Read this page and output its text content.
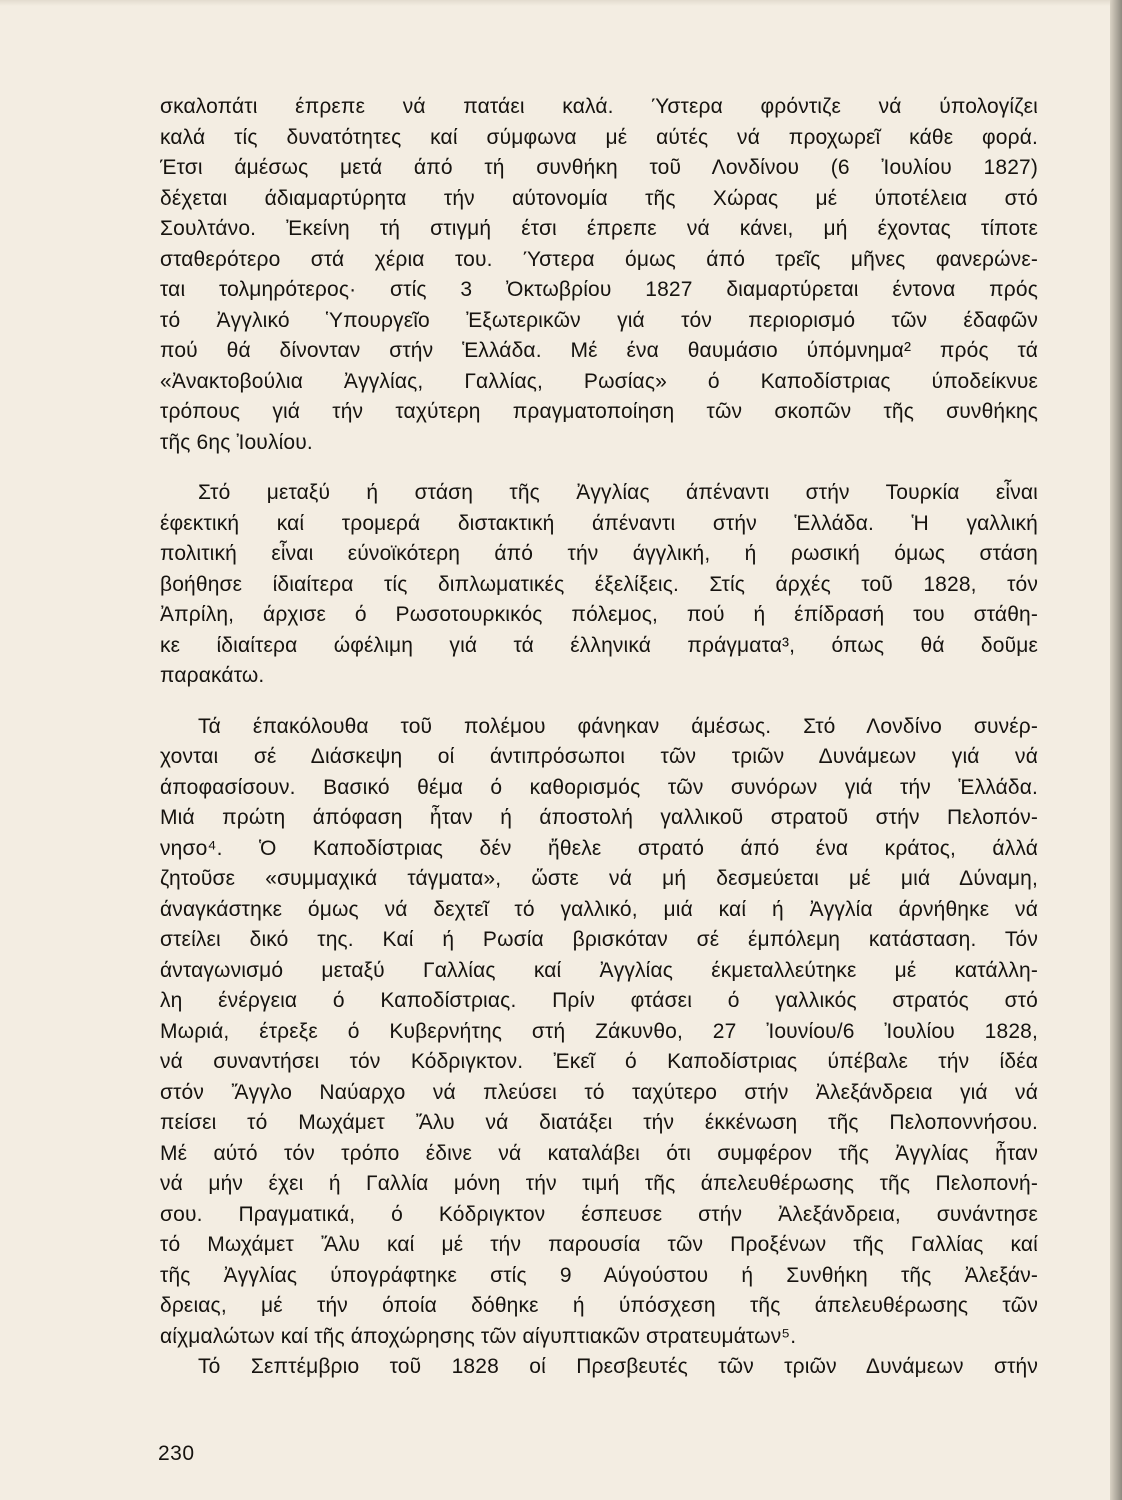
σκαλοπάτι έπρεπε νά πατάει καλά. Ύστερα φρόντιζε νά ύπολογίζει
καλά τίς δυνατότητες καί σύμφωνα μέ αύτές νά προχωρεῖ κάθε φορά.
Έτσι άμέσως μετά άπό τή συνθήκη τοῦ Λονδίνου (6 Ἰουλίου 1827)
δέχεται άδιαμαρτύρητα τήν αύτονομία τῆς Χώρας μέ ύποτέλεια στό
Σουλτάνο. Ἐκείνη τή στιγμή έτσι έπρεπε νά κάνει, μή έχοντας τίποτε
σταθερότερο στά χέρια του. Ύστερα όμως άπό τρεῖς μῆνες φανερώνε-
ται τολμηρότερος· στίς 3 Ὀκτωβρίου 1827 διαμαρτύρεται έντονα πρός
τό Ἀγγλικό Ὑπουργεῖο Ἐξωτερικῶν γιά τόν περιορισμό τῶν έδαφῶν
πού θά δίνονταν στήν Ἑλλάδα. Μέ ένα θαυμάσιο ύπόμνημα² πρός τά
«Ἀνακτοβούλια Ἀγγλίας, Γαλλίας, Ρωσίας» ό Καποδίστριας ύποδείκνυε
τρόπους γιά τήν ταχύτερη πραγματοποίηση τῶν σκοπῶν τῆς συνθήκης
τῆς 6ης Ἰουλίου.

Στό μεταξύ ή στάση τῆς Ἀγγλίας άπέναντι στήν Τουρκία εἶναι
έφεκτική καί τρομερά διστακτική άπέναντι στήν Ἑλλάδα. Ἡ γαλλική
πολιτική εἶναι εύνοϊκότερη άπό τήν άγγλική, ή ρωσική όμως στάση
βοήθησε ίδιαίτερα τίς διπλωματικές έξελίξεις. Στίς άρχές τοῦ 1828, τόν
Ἀπρίλη, άρχισε ό Ρωσοτουρκικός πόλεμος, πού ή έπίδρασή του στάθη-
κε ίδιαίτερα ώφέλιμη γιά τά έλληνικά πράγματα³, όπως θά δοῦμε
παρακάτω.

Τά έπακόλουθα τοῦ πολέμου φάνηκαν άμέσως. Στό Λονδίνο συνέρ-
χονται σέ Διάσκεψη οί άντιπρόσωποι τῶν τριῶν Δυνάμεων γιά νά
άποφασίσουν. Βασικό θέμα ό καθορισμός τῶν συνόρων γιά τήν Ἑλλάδα.
Μιά πρώτη άπόφαση ἦταν ή άποστολή γαλλικοῦ στρατοῦ στήν Πελοπόν-
νησο⁴. Ὁ Καποδίστριας δέν ἤθελε στρατό άπό ένα κράτος, άλλά
ζητοῦσε «συμμαχικά τάγματα», ὥστε νά μή δεσμεύεται μέ μιά Δύναμη,
άναγκάστηκε όμως νά δεχτεῖ τό γαλλικό, μιά καί ή Ἀγγλία άρνήθηκε νά
στείλει δικό της. Καί ή Ρωσία βρισκόταν σέ έμπόλεμη κατάσταση. Τόν
άνταγωνισμό μεταξύ Γαλλίας καί Ἀγγλίας έκμεταλλεύτηκε μέ κατάλλη-
λη ένέργεια ό Καποδίστριας. Πρίν φτάσει ό γαλλικός στρατός στό
Μωριά, έτρεξε ό Κυβερνήτης στή Ζάκυνθο, 27 Ἰουνίου/6 Ἰουλίου 1828,
νά συναντήσει τόν Κόδριγκτον. Ἐκεῖ ό Καποδίστριας ύπέβαλε τήν ίδέα
στόν Ἄγγλο Ναύαρχο νά πλεύσει τό ταχύτερο στήν Ἀλεξάνδρεια γιά νά
πείσει τό Μωχάμετ Ἄλυ νά διατάξει τήν έκκένωση τῆς Πελοποννήσου.
Μέ αύτό τόν τρόπο έδινε νά καταλάβει ότι συμφέρον τῆς Ἀγγλίας ἦταν
νά μήν έχει ή Γαλλία μόνη τήν τιμή τῆς άπελευθέρωσης τῆς Πελοπονή-
σου. Πραγματικά, ό Κόδριγκτον έσπευσε στήν Ἀλεξάνδρεια, συνάντησε
τό Μωχάμετ Ἄλυ καί μέ τήν παρουσία τῶν Προξένων τῆς Γαλλίας καί
τῆς Ἀγγλίας ύπογράφτηκε στίς 9 Αύγούστου ή Συνθήκη τῆς Ἀλεξάν-
δρειας, μέ τήν όποία δόθηκε ή ύπόσχεση τῆς άπελευθέρωσης τῶν
αίχμαλώτων καί τῆς άποχώρησης τῶν αίγυπτιακῶν στρατευμάτων⁵.

Τό Σεπτέμβριο τοῦ 1828 οί Πρεσβευτές τῶν τριῶν Δυνάμεων στήν

230
